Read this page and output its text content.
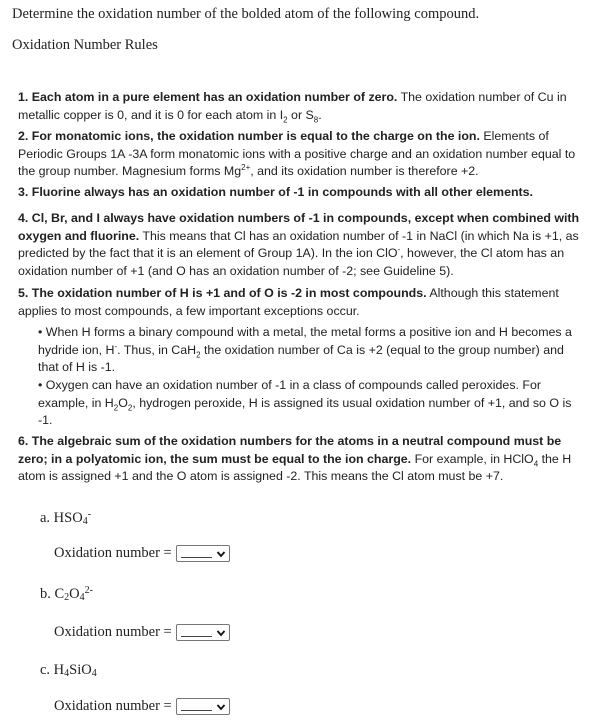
Determine the oxidation number of the bolded atom of the following compound.
Oxidation Number Rules
1. Each atom in a pure element has an oxidation number of zero. The oxidation number of Cu in metallic copper is 0, and it is 0 for each atom in $I_2$ or $S_8$.
2. For monatomic ions, the oxidation number is equal to the charge on the ion. Elements of Periodic Groups 1A -3A form monatomic ions with a positive charge and an oxidation number equal to the group number. Magnesium forms $Mg^{2+}$, and its oxidation number is therefore +2.
3. Fluorine always has an oxidation number of -1 in compounds with all other elements.
4. Cl, Br, and I always have oxidation numbers of -1 in compounds, except when combined with oxygen and fluorine. This means that Cl has an oxidation number of -1 in NaCl (in which Na is +1, as predicted by the fact that it is an element of Group 1A). In the ion ClO-, however, the Cl atom has an oxidation number of +1 (and O has an oxidation number of -2; see Guideline 5).
5. The oxidation number of H is +1 and of O is -2 in most compounds. Although this statement applies to most compounds, a few important exceptions occur.
• When H forms a binary compound with a metal, the metal forms a positive ion and H becomes a hydride ion, H-. Thus, in CaH$_2$ the oxidation number of Ca is +2 (equal to the group number) and that of H is -1.
• Oxygen can have an oxidation number of -1 in a class of compounds called peroxides. For example, in $H_2O_2$, hydrogen peroxide, H is assigned its usual oxidation number of +1, and so O is -1.
6. The algebraic sum of the oxidation numbers for the atoms in a neutral compound must be zero; in a polyatomic ion, the sum must be equal to the ion charge. For example, in HClO$_4$ the H atom is assigned +1 and the O atom is assigned -2. This means the Cl atom must be +7.
a. $HSO_4^-$
Oxidation number =
b. $C_2O_4^{2-}$
Oxidation number =
c. $H_4SiO_4$
Oxidation number =
